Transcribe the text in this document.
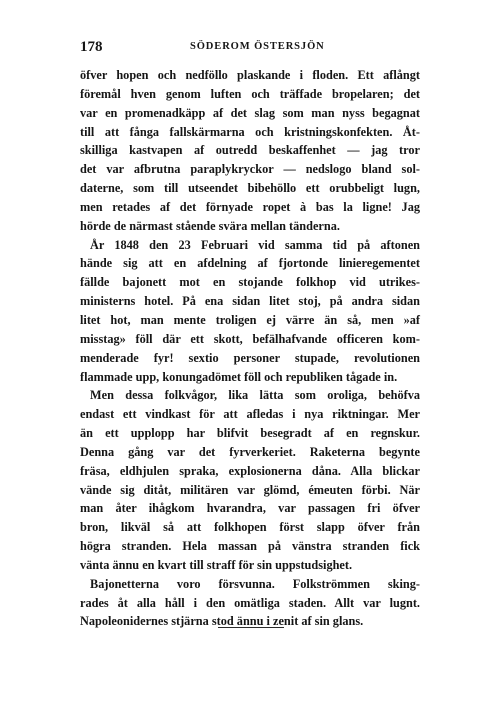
178	SÖDEROM ÖSTERSJÖN
öfver hopen och nedföllo plaskande i floden. Ett aflångt
föremål hven genom luften och träffade bropelaren; det
var en promenadkäpp af det slag som man nyss begagnat
till att fånga fallskärmarna och kristningskonfekten. Åt-
skilliga kastvapen af outredd beskaffenhet — jag tror
det var afbrutna paraplykryckor — nedslogo bland sol-
daterne, som till utseendet bibehöllo ett orubbeligt lugn,
men retades af det förnyade ropet à bas la ligne! Jag
hörde de närmast stående svära mellan tänderna.
År 1848 den 23 Februari vid samma tid på aftonen
hände sig att en afdelning af fjortonde linieregementet
fällde bajonett mot en stojande folkhop vid utrikes-
ministerns hotel. På ena sidan litet stoj, på andra sidan
litet hot, man mente troligen ej värre än så, men »af
misstag» föll där ett skott, befälhafvande officeren kom-
menderade fyr! sextio personer stupade, revolutionen
flammade upp, konungadömet föll och republiken tågade in.
Men dessa folkvågor, lika lätta som oroliga, behöfva
endast ett vindkast för att afledas i nya riktningar. Mer
än ett upplopp har blifvit besegradt af en regnskur.
Denna gång var det fyrverkeriet. Raketerna begynte
fräsa, eldhjulen spraka, explosionerna dåna. Alla blickar
vände sig ditåt, militären var glömd, émeuten förbi. När
man åter ihågkom hvarandra, var passagen fri öfver
bron, likväl så att folkhopen först slapp öfver från
högra stranden. Hela massan på vänstra stranden fick
vänta ännu en kvart till straff för sin uppstudsighet.
Bajonetterna voro försvunna. Folkströmmen sking-
rades åt alla håll i den omätliga staden. Allt var lugnt.
Napoleonidernes stjärna stod ännu i zenit af sin glans.
